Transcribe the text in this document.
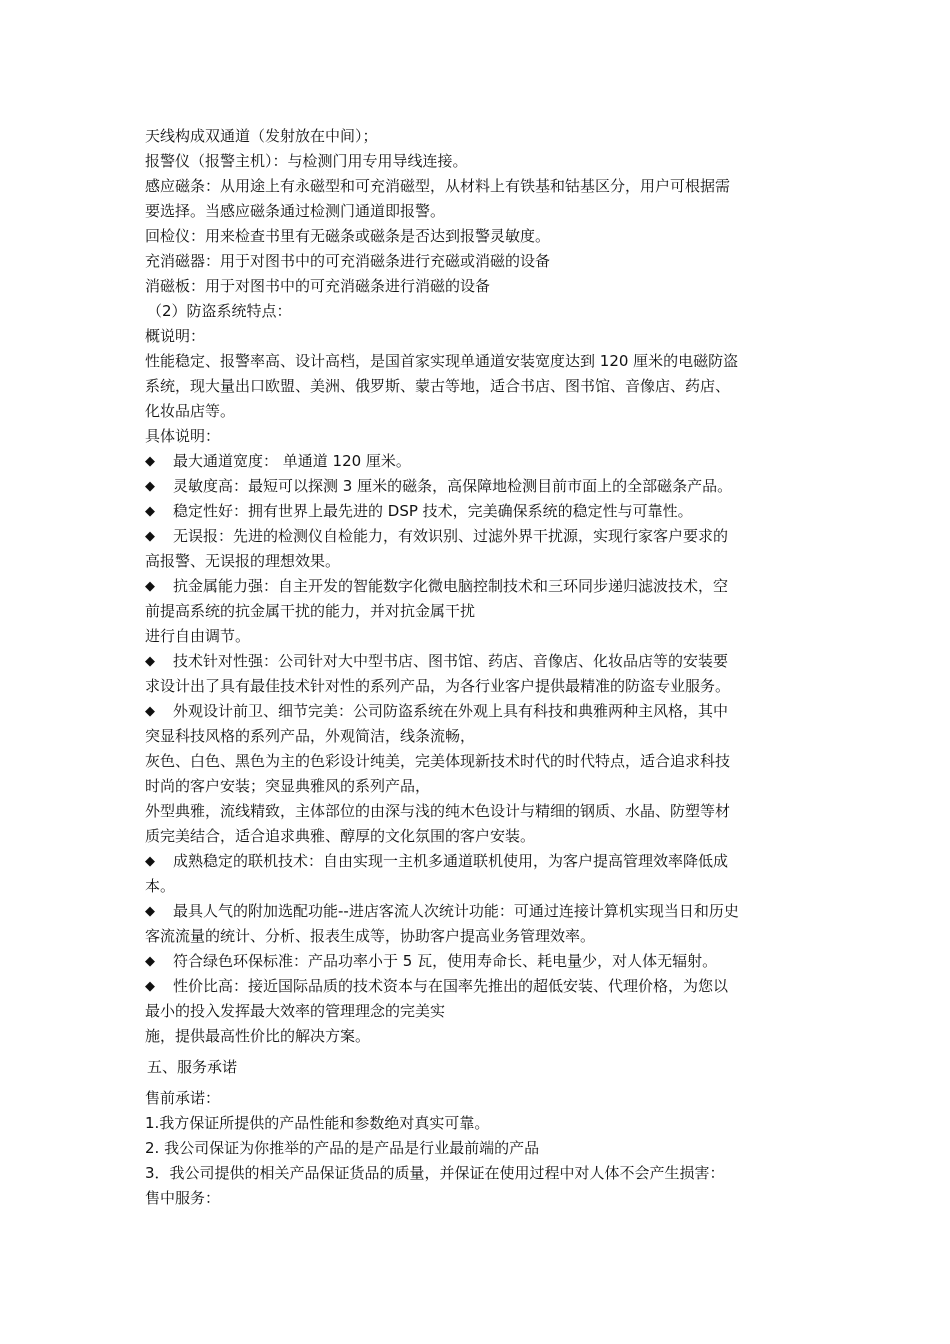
天线构成双通道（发射放在中间）；
报警仪（报警主机）：与检测门用专用导线连接。
感应磁条：从用途上有永磁型和可充消磁型，从材料上有铁基和钴基区分，用户可根据需
要选择。当感应磁条通过检测门通道即报警。
回检仪：用来检查书里有无磁条或磁条是否达到报警灵敏度。
充消磁器：用于对图书中的可充消磁条进行充磁或消磁的设备
消磁板：用于对图书中的可充消磁条进行消磁的设备
（2）防盗系统特点：
概说明：
性能稳定、报警率高、设计高档，是国首家实现单通道安装宽度达到 120 厘米的电磁防盗
系统，现大量出口欧盟、美洲、俄罗斯、蒙古等地，适合书店、图书馆、音像店、药店、
化妆品店等。
具体说明：
◆	最大通道宽度： 单通道 120 厘米。
◆	灵敏度高：最短可以探测 3 厘米的磁条，高保障地检测目前市面上的全部磁条产品。
◆	稳定性好：拥有世界上最先进的 DSP 技术，完美确保系统的稳定性与可靠性。
◆	无误报：先进的检测仪自检能力，有效识别、过滤外界干扰源，实现行家客户要求的
高报警、无误报的理想效果。
◆	抗金属能力强：自主开发的智能数字化微电脑控制技术和三环同步递归滤波技术，空
前提高系统的抗金属干扰的能力，并对抗金属干扰
进行自由调节。
◆	技术针对性强：公司针对大中型书店、图书馆、药店、音像店、化妆品店等的安装要
求设计出了具有最佳技术针对性的系列产品，为各行业客户提供最精准的防盗专业服务。
◆	外观设计前卫、细节完美：公司防盗系统在外观上具有科技和典雅两种主风格，其中
突显科技风格的系列产品，外观简洁，线条流畅，
灰色、白色、黑色为主的色彩设计纯美，完美体现新技术时代的时代特点，适合追求科技
时尚的客户安装；突显典雅风的系列产品，
外型典雅，流线精致，主体部位的由深与浅的纯木色设计与精细的钢质、水晶、防塑等材
质完美结合，适合追求典雅、醇厚的文化氛围的客户安装。
◆	成熟稳定的联机技术：自由实现一主机多通道联机使用，为客户提高管理效率降低成
本。
◆	最具人气的附加选配功能--进店客流人次统计功能：可通过连接计算机实现当日和历史
客流流量的统计、分析、报表生成等，协助客户提高业务管理效率。
◆	符合绿色环保标准：产品功率小于 5 瓦，使用寿命长、耗电量少，对人体无辐射。
◆	性价比高：接近国际品质的技术资本与在国率先推出的超低安装、代理价格，为您以
最小的投入发挥最大效率的管理理念的完美实
施，提供最高性价比的解决方案。
五、服务承诺
售前承诺：
1.我方保证所提供的产品性能和参数绝对真实可靠。
2. 我公司保证为你推举的产品的是产品是行业最前端的产品
3．我公司提供的相关产品保证货品的质量，并保证在使用过程中对人体不会产生损害：
售中服务：
